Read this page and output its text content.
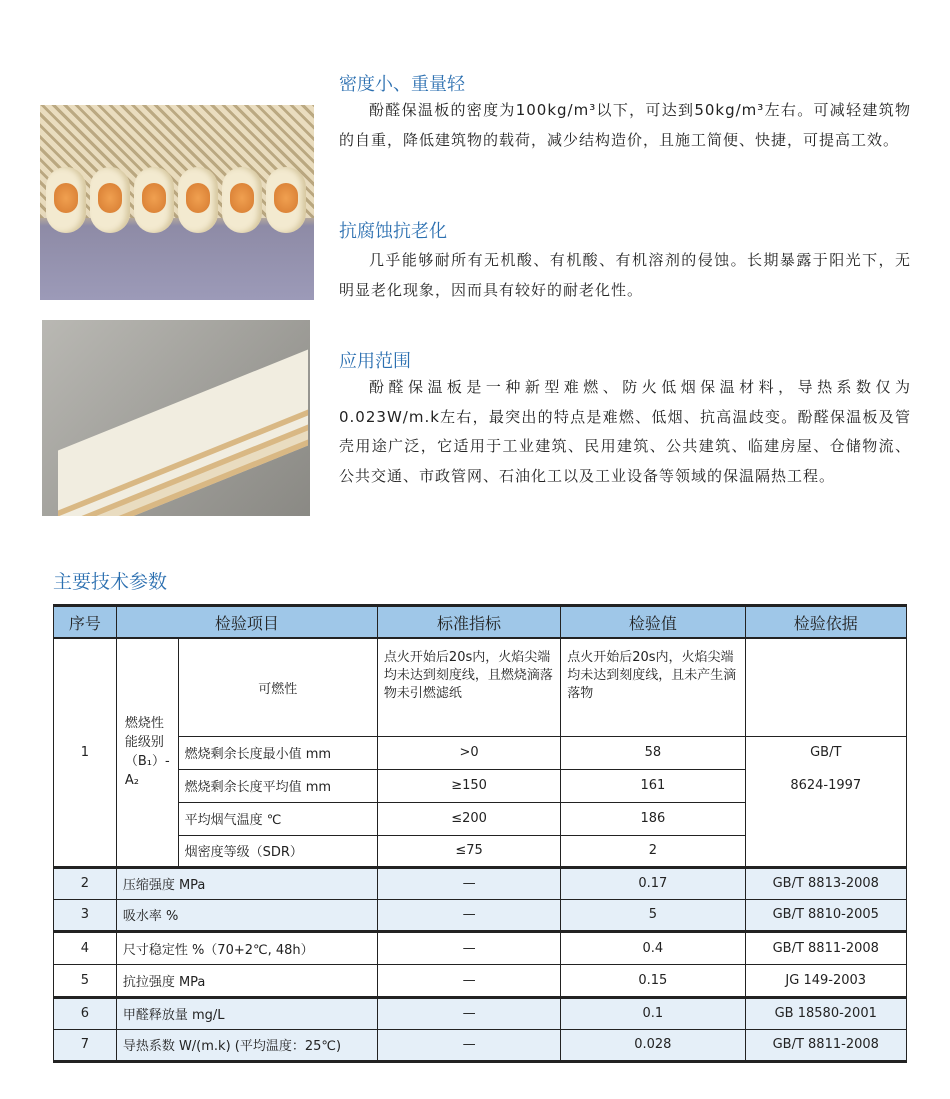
密度小、重量轻
酚醛保温板的密度为100kg/m³以下，可达到50kg/m³左右。可减轻建筑物的自重，降低建筑物的载荷，减少结构造价，且施工简便、快捷，可提高工效。
抗腐蚀抗老化
几乎能够耐所有无机酸、有机酸、有机溶剂的侵蚀。长期暴露于阳光下，无明显老化现象，因而具有较好的耐老化性。
应用范围
酚醛保温板是一种新型难燃、防火低烟保温材料，导热系数仅为0.023W/m.k左右，最突出的特点是难燃、低烟、抗高温歧变。酚醛保温板及管壳用途广泛，它适用于工业建筑、民用建筑、公共建筑、临建房屋、仓储物流、公共交通、市政管网、石油化工以及工业设备等领域的保温隔热工程。
主要技术参数
序号	检验项目		标准指标	检验值	检验依据
1	燃烧性能级别（B₁）-A₂	可燃性	点火开始后20s内，火焰尖端均未达到刻度线，且燃烧滴落物未引燃滤纸	点火开始后20s内，火焰尖端均未达到刻度线，且未产生滴落物	
		燃烧剩余长度最小值 mm	>0	58	GB/T
		燃烧剩余长度平均值 mm	≥150	161	8624-1997
		平均烟气温度 ℃	≤200	186	
		烟密度等级（SDR）	≤75	2	
2	压缩强度 MPa		—	0.17	GB/T 8813-2008
3	吸水率 %		—	5	GB/T 8810-2005
4	尺寸稳定性 %（70+2℃, 48h）		—	0.4	GB/T 8811-2008
5	抗拉强度 MPa		—	0.15	JG 149-2003
6	甲醛释放量 mg/L		—	0.1	GB 18580-2001
7	导热系数 W/(m.k) (平均温度：25℃)		—	0.028	GB/T 8811-2008
